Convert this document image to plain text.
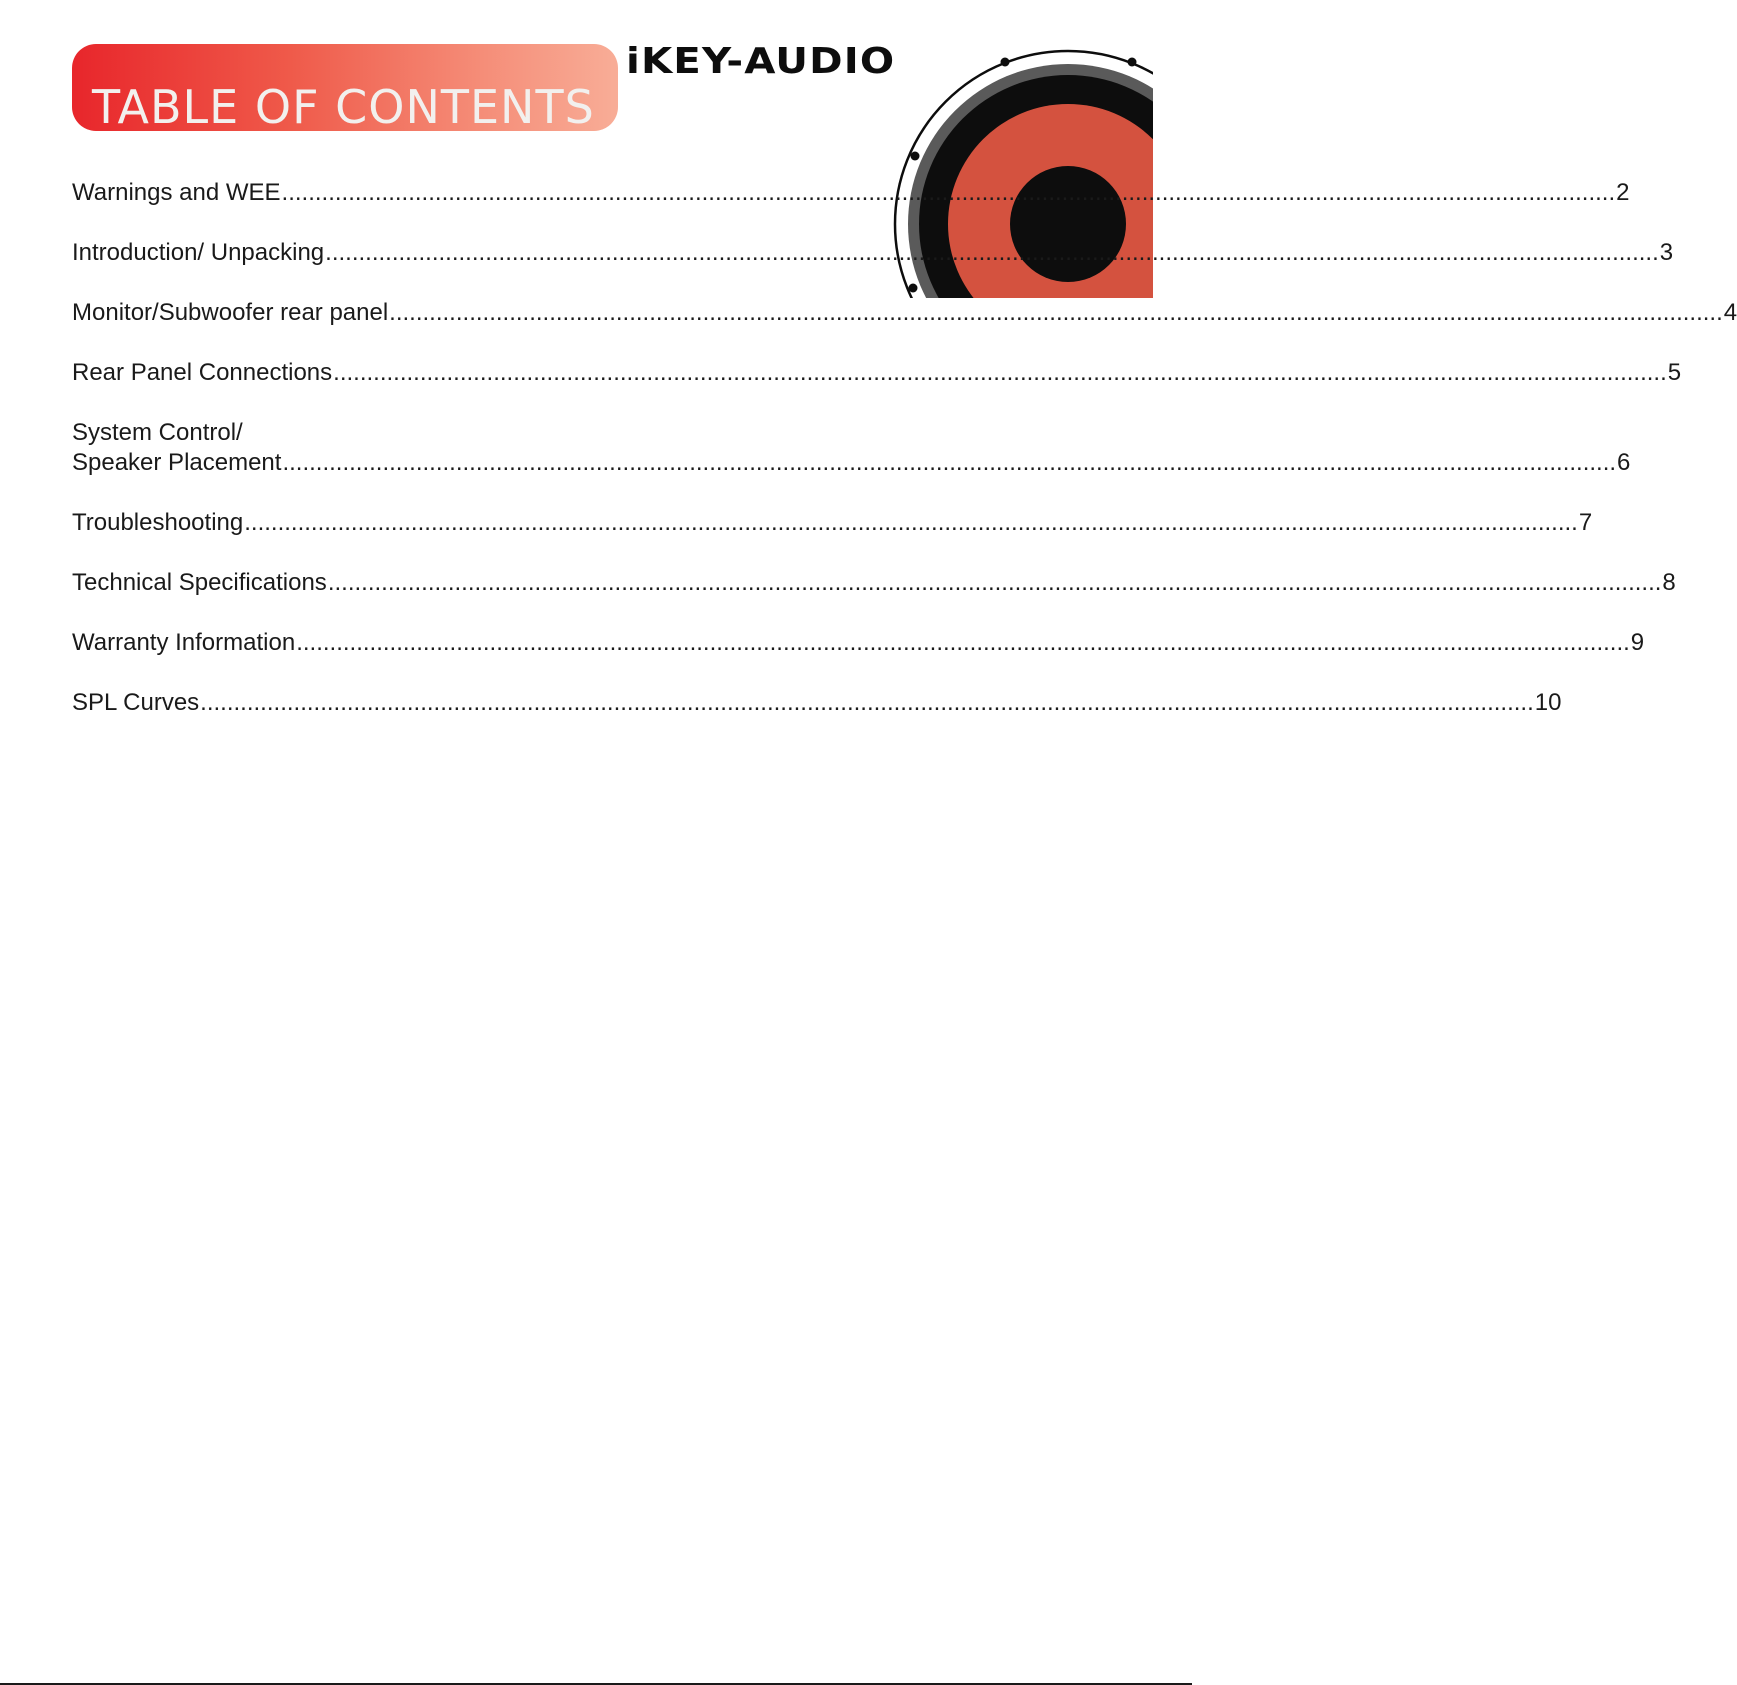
TABLE OF CONTENTS
iKEY-AUDIO
Warnings and WEE ........................................................................................................................................................................................................ 2
Introduction/ Unpacking ........................................................................................................................................................................................................ 3
Monitor/Subwoofer rear panel ........................................................................................................................................................................................................ 4
Rear Panel Connections ........................................................................................................................................................................................................ 5
System Control/
Speaker Placement ........................................................................................................................................................................................................ 6
Troubleshooting ........................................................................................................................................................................................................ 7
Technical Specifications ........................................................................................................................................................................................................ 8
Warranty Information ........................................................................................................................................................................................................ 9
SPL Curves ........................................................................................................................................................................................................ 10
